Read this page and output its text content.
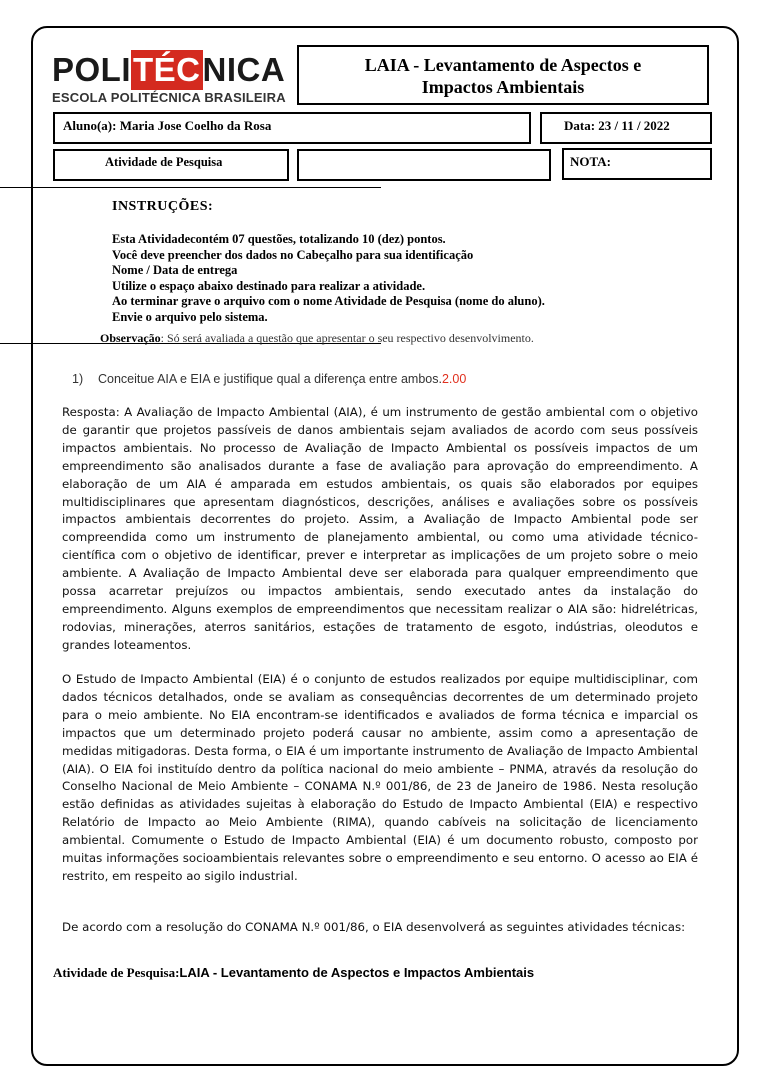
POLITÉCNICA
ESCOLA POLITÉCNICA BRASILEIRA
LAIA - Levantamento de Aspectos e
Impactos Ambientais
Aluno(a): Maria Jose Coelho da Rosa	Data: 23 / 11 / 2022
Atividade de Pesquisa	NOTA:
INSTRUÇÕES:
Esta Atividadecontém 07 questões, totalizando 10 (dez) pontos.
Você deve preencher dos dados no Cabeçalho para sua identificação
Nome / Data de entrega
Utilize o espaço abaixo destinado para realizar a atividade.
Ao terminar grave o arquivo com o nome Atividade de Pesquisa (nome do aluno).
Envie o arquivo pelo sistema.
Observação: Só será avaliada a questão que apresentar o seu respectivo desenvolvimento.
1) Conceitue AIA e EIA e justifique qual a diferença entre ambos.2.00

Resposta: A Avaliação de Impacto Ambiental (AIA), é um instrumento de gestão ambiental com o objetivo de garantir que projetos passíveis de danos ambientais sejam avaliados de acordo com seus possíveis impactos ambientais. No processo de Avaliação de Impacto Ambiental os possíveis impactos de um empreendimento são analisados durante a fase de avaliação para aprovação do empreendimento. A elaboração de um AIA é amparada em estudos ambientais, os quais são elaborados por equipes multidisciplinares que apresentam diagnósticos, descrições, análises e avaliações sobre os possíveis impactos ambientais decorrentes do projeto. Assim, a Avaliação de Impacto Ambiental pode ser compreendida como um instrumento de planejamento ambiental, ou como uma atividade técnico-científica com o objetivo de identificar, prever e interpretar as implicações de um projeto sobre o meio ambiente. A Avaliação de Impacto Ambiental deve ser elaborada para qualquer empreendimento que possa acarretar prejuízos ou impactos ambientais, sendo executado antes da instalação do empreendimento. Alguns exemplos de empreendimentos que necessitam realizar o AIA são: hidrelétricas, rodovias, minerações, aterros sanitários, estações de tratamento de esgoto, indústrias, oleodutos e grandes loteamentos.

O Estudo de Impacto Ambiental (EIA) é o conjunto de estudos realizados por equipe multidisciplinar, com dados técnicos detalhados, onde se avaliam as consequências decorrentes de um determinado projeto para o meio ambiente. No EIA encontram-se identificados e avaliados de forma técnica e imparcial os impactos que um determinado projeto poderá causar no ambiente, assim como a apresentação de medidas mitigadoras. Desta forma, o EIA é um importante instrumento de Avaliação de Impacto Ambiental (AIA). O EIA foi instituído dentro da política nacional do meio ambiente – PNMA, através da resolução do Conselho Nacional de Meio Ambiente – CONAMA N.º 001/86, de 23 de Janeiro de 1986. Nesta resolução estão definidas as atividades sujeitas à elaboração do Estudo de Impacto Ambiental (EIA) e respectivo Relatório de Impacto ao Meio Ambiente (RIMA), quando cabíveis na solicitação de licenciamento ambiental. Comumente o Estudo de Impacto Ambiental (EIA) é um documento robusto, composto por muitas informações socioambientais relevantes sobre o empreendimento e seu entorno. O acesso ao EIA é restrito, em respeito ao sigilo industrial.

De acordo com a resolução do CONAMA N.º 001/86, o EIA desenvolverá as seguintes atividades técnicas:

Atividade de Pesquisa:LAIA - Levantamento de Aspectos e Impactos Ambientais
